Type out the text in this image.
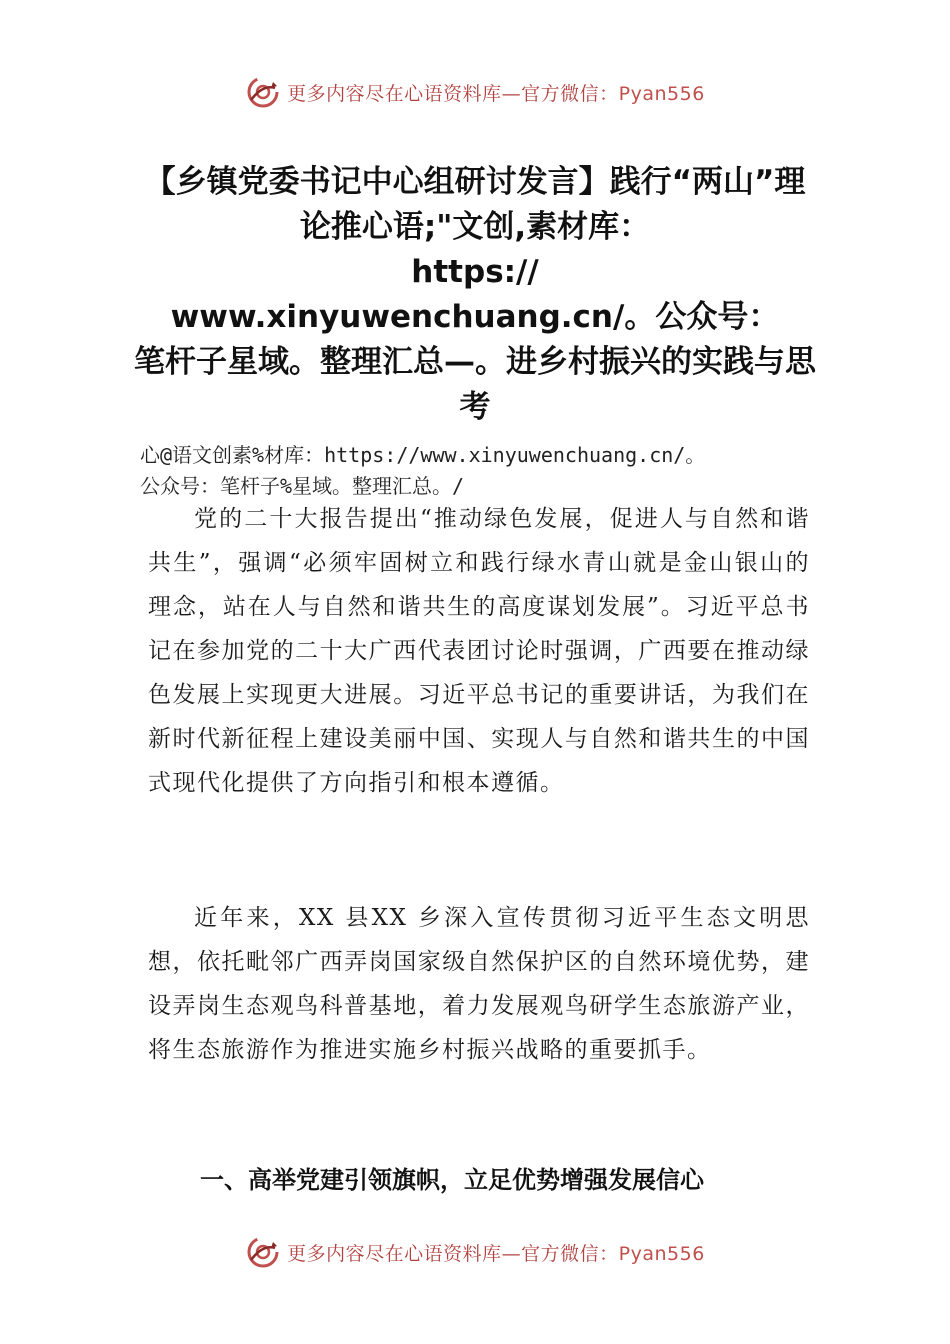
更多内容尽在心语资料库—官方微信：Pyan556
【乡镇党委书记中心组研讨发言】践行“两山”理论推心语;"文创,素材库：
https://
www.xinyuwenchuang.cn/。公众号：
笔杆子星域。整理汇总—。进乡村振兴的实践与思考
心@语文创素%材库：https://www.xinyuwenchuang.cn/。
公众号：笔杆子%星域。整理汇总。/

党的二十大报告提出“推动绿色发展，促进人与自然和谐共生”，强调“必须牢固树立和践行绿水青山就是金山银山的理念，站在人与自然和谐共生的高度谋划发展”。习近平总书记在参加党的二十大广西代表团讨论时强调，广西要在推动绿色发展上实现更大进展。习近平总书记的重要讲话，为我们在新时代新征程上建设美丽中国、实现人与自然和谐共生的中国式现代化提供了方向指引和根本遵循。

近年来，XX 县XX 乡深入宣传贯彻习近平生态文明思想，依托毗邻广西弄岗国家级自然保护区的自然环境优势，建设弄岗生态观鸟科普基地，着力发展观鸟研学生态旅游产业，将生态旅游作为推进实施乡村振兴战略的重要抓手。

一、高举党建引领旗帜，立足优势增强发展信心
更多内容尽在心语资料库—官方微信：Pyan556
